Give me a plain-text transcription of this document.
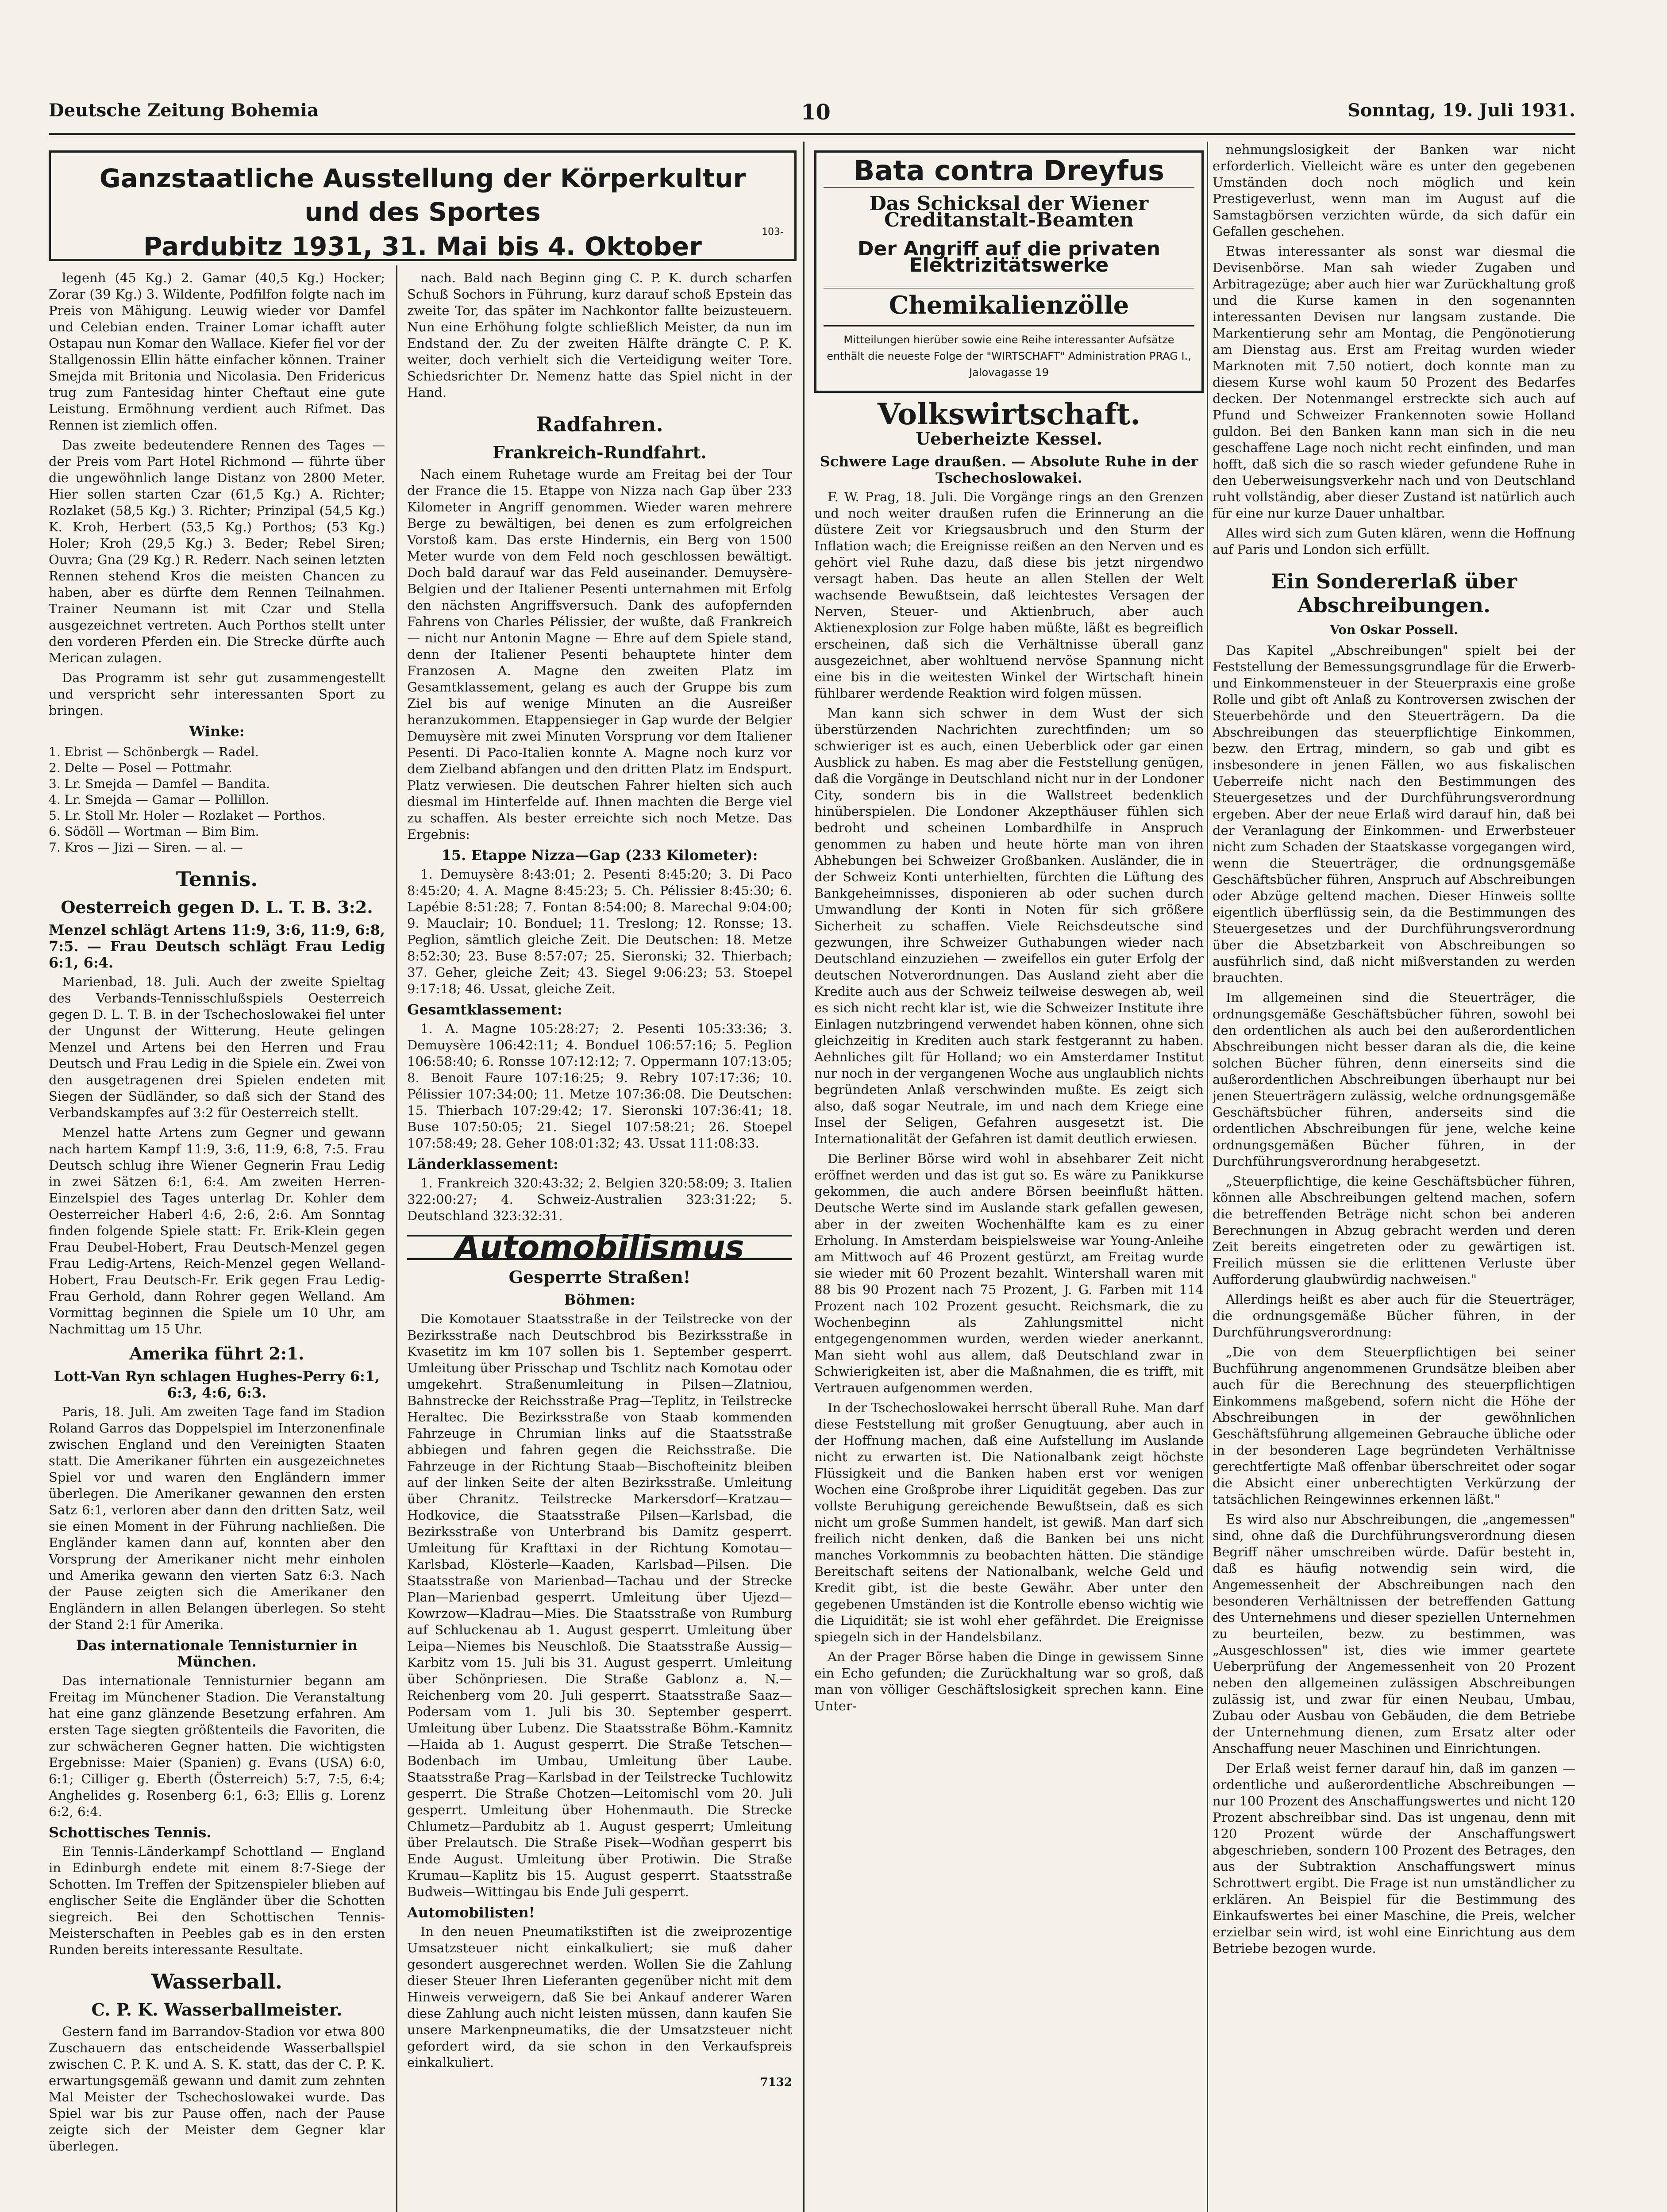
Deutsche Zeitung Bohemia	10	Sonntag, 19. Juli 1931.
Ganzstaatliche Ausstellung der Körperkultur
und des Sportes
Pardubitz 1931, 31. Mai bis 4. Oktober	103-

legenh (45 Kg.) 2. Gamar (40,5 Kg.) Hocker; Zorar (39 Kg.) 3. Wildente, Podfilfon folgte nach im Preis von Mähigung. Leuwig wieder vor Damfel und Celebian enden. Trainer Lomar ichafft auter Ostapau nun Komar den Wallace. Kiefer fiel vor der Stallgenossin Ellin hätte einfacher können. Trainer Smejda mit Britonia und Nicolasia. Den Fridericus trug zum Fantesidag hinter Cheftaut eine gute Leistung. Ermöhnung verdient auch Rifmet. Das Rennen ist ziemlich offen.

Das zweite bedeutendere Rennen des Tages — der Preis vom Part Hotel Richmond — führte über die ungewöhnlich lange Distanz von 2800 Meter. Hier sollen starten Czar (61,5 Kg.) A. Richter; Rozlaket (58,5 Kg.) 3. Richter; Prinzipal (54,5 Kg.) K. Kroh, Herbert (53,5 Kg.) Porthos; (53 Kg.) Holer; Kroh (29,5 Kg.) 3. Beder; Rebel Siren; Ouvra; Gna (29 Kg.) R. Rederr. Nach seinen letzten Rennen stehend Kros die meisten Chancen zu haben, aber es dürfte dem Rennen Teilnahmen. Trainer Neumann ist mit Czar und Stella ausgezeichnet vertreten. Auch Porthos stellt unter den vorderen Pferden ein. Die Strecke dürfte auch Merican zulagen.

Das Programm ist sehr gut zusammengestellt und verspricht sehr interessanten Sport zu bringen.

Winke:
1. Ebrist — Schönbergk — Radel.
2. Delte — Posel — Pottmahr.
3. Lr. Smejda — Damfel — Bandita.
4. Lr. Smejda — Gamar — Pollillon.
5. Lr. Stoll Mr. Holer — Rozlaket — Porthos.
6. Södöll — Wortman — Bim Bim.
7. Kros — Jizi — Siren. — al. —
Tennis.
Oesterreich gegen D. L. T. B. 3:2.
Menzel schlägt Artens 11:9, 3:6, 11:9, 6:8, 7:5. — Frau Deutsch schlägt Frau Ledig 6:1, 6:4.

Marienbad, 18. Juli. Auch der zweite Spieltag des Verbands-Tennisschlußspiels Oesterreich gegen D. L. T. B. in der Tschechoslowakei fiel unter der Ungunst der Witterung. Heute gelingen Menzel und Artens bei den Herren und Frau Deutsch und Frau Ledig in die Spiele ein. Zwei von den ausgetragenen drei Spielen endeten mit Siegen der Südländer, so daß sich der Stand des Verbandskampfes auf 3:2 für Oesterreich stellt.

Menzel hatte Artens zum Gegner und gewann nach hartem Kampf 11:9, 3:6, 11:9, 6:8, 7:5. Frau Deutsch schlug ihre Wiener Gegnerin Frau Ledig in zwei Sätzen 6:1, 6:4. Am zweiten Herren-Einzelspiel des Tages unterlag Dr. Kohler dem Oesterreicher Haberl 4:6, 2:6, 2:6. Am Sonntag finden folgende Spiele statt: Fr. Erik-Klein gegen Frau Deubel-Hobert, Frau Deutsch-Menzel gegen Frau Ledig-Artens, Reich-Menzel gegen Welland-Hobert, Frau Deutsch-Fr. Erik gegen Frau Ledig-Frau Gerhold, dann Rohrer gegen Welland. Am Vormittag beginnen die Spiele um 10 Uhr, am Nachmittag um 15 Uhr.

Amerika führt 2:1.
Lott-Van Ryn schlagen Hughes-Perry 6:1, 6:3, 4:6, 6:3.

Paris, 18. Juli. Am zweiten Tage fand im Stadion Roland Garros das Doppelspiel im Interzonenfinale zwischen England und den Vereinigten Staaten statt. Die Amerikaner führten ein ausgezeichnetes Spiel vor und waren den Engländern immer überlegen. Die Amerikaner gewannen den ersten Satz 6:1, verloren aber dann den dritten Satz, weil sie einen Moment in der Führung nachließen. Die Engländer kamen dann auf, konnten aber den Vorsprung der Amerikaner nicht mehr einholen und Amerika gewann den vierten Satz 6:3. Nach der Pause zeigten sich die Amerikaner den Engländern in allen Belangen überlegen. So steht der Stand 2:1 für Amerika.

Das internationale Tennisturnier in München.

Das internationale Tennisturnier begann am Freitag im Münchener Stadion. Die Veranstaltung hat eine ganz glänzende Besetzung erfahren. Am ersten Tage siegten größtenteils die Favoriten, die zur schwächeren Gegner hatten. Die wichtigsten Ergebnisse: Maier (Spanien) g. Evans (USA) 6:0, 6:1; Cilliger g. Eberth (Österreich) 5:7, 7:5, 6:4; Anghelides g. Rosenberg 6:1, 6:3; Ellis g. Lorenz 6:2, 6:4.

Schottisches Tennis.

Ein Tennis-Länderkampf Schottland — England in Edinburgh endete mit einem 8:7-Siege der Schotten. Im Treffen der Spitzenspieler blieben auf englischer Seite die Engländer über die Schotten siegreich. Bei den Schottischen Tennis-Meisterschaften in Peebles gab es in den ersten Runden bereits interessante Resultate.

Wasserball.
C. P. K. Wasserballmeister.

Gestern fand im Barrandov-Stadion vor etwa 800 Zuschauern das entscheidende Wasserballspiel zwischen C. P. K. und A. S. K. statt, das der C. P. K. erwartungsgemäß gewann und damit zum zehnten Mal Meister der Tschechoslowakei wurde. Das Spiel war bis zur Pause offen, nach der Pause zeigte sich der Meister dem Gegner klar überlegen.

nach. Bald nach Beginn ging C. P. K. durch scharfen Schuß Sochors in Führung, kurz darauf schoß Epstein das zweite Tor, das später im Nachkontor fallte beizusteuern. Nun eine Erhöhung folgte schließlich Meister, da nun im Endstand der. Zu der zweiten Hälfte drängte C. P. K. weiter, doch verhielt sich die Verteidigung weiter Tore. Schiedsrichter Dr. Nemenz hatte das Spiel nicht in der Hand.

Radfahren.
Frankreich-Rundfahrt.

Nach einem Ruhetage wurde am Freitag bei der Tour der France die 15. Etappe von Nizza nach Gap über 233 Kilometer in Angriff genommen. Wieder waren mehrere Berge zu bewältigen, bei denen es zum erfolgreichen Vorstoß kam. Das erste Hindernis, ein Berg von 1500 Meter wurde von dem Feld noch geschlossen bewältigt. Doch bald darauf war das Feld auseinander. Demuysère-Belgien und der Italiener Pesenti unternahmen mit Erfolg den nächsten Angriffsversuch. Dank des aufopfernden Fahrens von Charles Pélissier, der wußte, daß Frankreich — nicht nur Antonin Magne — Ehre auf dem Spiele stand, denn der Italiener Pesenti behauptete hinter dem Franzosen A. Magne den zweiten Platz im Gesamtklassement, gelang es auch der Gruppe bis zum Ziel bis auf wenige Minuten an die Ausreißer heranzukommen. Etappensieger in Gap wurde der Belgier Demuysère mit zwei Minuten Vorsprung vor dem Italiener Pesenti. Di Paco-Italien konnte A. Magne noch kurz vor dem Zielband abfangen und den dritten Platz im Endspurt. Platz verwiesen. Die deutschen Fahrer hielten sich auch diesmal im Hinterfelde auf. Ihnen machten die Berge viel zu schaffen. Als bester erreichte sich noch Metze. Das Ergebnis:

15. Etappe Nizza—Gap (233 Kilometer):

1. Demuysère 8:43:01; 2. Pesenti 8:45:20; 3. Di Paco 8:45:20; 4. A. Magne 8:45:23; 5. Ch. Pélissier 8:45:30; 6. Lapébie 8:51:28; 7. Fontan 8:54:00; 8. Marechal 9:04:00; 9. Mauclair; 10. Bonduel; 11. Treslong; 12. Ronsse; 13. Peglion, sämtlich gleiche Zeit. Die Deutschen: 18. Metze 8:52:30; 23. Buse 8:57:07; 25. Sieronski; 32. Thierbach; 37. Geher, gleiche Zeit; 43. Siegel 9:06:23; 53. Stoepel 9:17:18; 46. Ussat, gleiche Zeit.

Gesamtklassement:

1. A. Magne 105:28:27; 2. Pesenti 105:33:36; 3. Demuysère 106:42:11; 4. Bonduel 106:57:16; 5. Peglion 106:58:40; 6. Ronsse 107:12:12; 7. Oppermann 107:13:05; 8. Benoit Faure 107:16:25; 9. Rebry 107:17:36; 10. Pélissier 107:34:00; 11. Metze 107:36:08. Die Deutschen: 15. Thierbach 107:29:42; 17. Sieronski 107:36:41; 18. Buse 107:50:05; 21. Siegel 107:58:21; 26. Stoepel 107:58:49; 28. Geher 108:01:32; 43. Ussat 111:08:33.

Länderklassement:

1. Frankreich 320:43:32; 2. Belgien 320:58:09; 3. Italien 322:00:27; 4. Schweiz-Australien 323:31:22; 5. Deutschland 323:32:31.

Automobilismus
Gesperrte Straßen!
Böhmen:

Die Komotauer Staatsstraße in der Teilstrecke von der Bezirksstraße nach Deutschbrod bis Bezirksstraße in Kvasetitz im km 107 sollen bis 1. September gesperrt. Umleitung über Prisschap und Tschlitz nach Komotau oder umgekehrt. Straßenumleitung in Pilsen—Zlatniou, Bahnstrecke der Reichsstraße Prag—Teplitz, in Teilstrecke Heraltec. Die Bezirksstraße von Staab kommenden Fahrzeuge in Chrumian links auf die Staatsstraße abbiegen und fahren gegen die Reichsstraße. Die Fahrzeuge in der Richtung Staab—Bischofteinitz bleiben auf der linken Seite der alten Bezirksstraße. Umleitung über Chranitz. Teilstrecke Markersdorf—Kratzau—Hodkovice, die Staatsstraße Pilsen—Karlsbad, die Bezirksstraße von Unterbrand bis Damitz gesperrt. Umleitung für Krafttaxi in der Richtung Komotau—Karlsbad, Klösterle—Kaaden, Karlsbad—Pilsen. Die Staatsstraße von Marienbad—Tachau und der Strecke Plan—Marienbad gesperrt. Umleitung über Ujezd—Kowrzow—Kladrau—Mies. Die Staatsstraße von Rumburg auf Schluckenau ab 1. August gesperrt. Umleitung über Leipa—Niemes bis Neuschloß. Die Staatsstraße Aussig—Karbitz vom 15. Juli bis 31. August gesperrt. Umleitung über Schönpriesen. Die Straße Gablonz a. N.—Reichenberg vom 20. Juli gesperrt. Staatsstraße Saaz—Podersam vom 1. Juli bis 30. September gesperrt. Umleitung über Lubenz. Die Staatsstraße Böhm.-Kamnitz—Haida ab 1. August gesperrt. Die Straße Tetschen—Bodenbach im Umbau, Umleitung über Laube. Staatsstraße Prag—Karlsbad in der Teilstrecke Tuchlowitz gesperrt. Die Straße Chotzen—Leitomischl vom 20. Juli gesperrt. Umleitung über Hohenmauth. Die Strecke Chlumetz—Pardubitz ab 1. August gesperrt; Umleitung über Prelautsch. Die Straße Pisek—Wodňan gesperrt bis Ende August. Umleitung über Protiwin. Die Straße Krumau—Kaplitz bis 15. August gesperrt. Staatsstraße Budweis—Wittingau bis Ende Juli gesperrt.

Automobilisten!

In den neuen Pneumatikstiften ist die zweiprozentige Umsatzsteuer nicht einkalkuliert; sie muß daher gesondert ausgerechnet werden. Wollen Sie die Zahlung dieser Steuer Ihren Lieferanten gegenüber nicht mit dem Hinweis verweigern, daß Sie bei Ankauf anderer Waren diese Zahlung auch nicht leisten müssen, dann kaufen Sie unsere Markenpneumatiks, die der Umsatzsteuer nicht gefordert wird, da sie schon in den Verkaufspreis einkalkuliert.

7132
Bata contra Dreyfus
Das Schicksal der Wiener
Creditanstalt-Beamten
Der Angriff auf die privaten
Elektrizitätswerke
Chemikalienzölle
Mitteilungen hierüber sowie eine Reihe interessanter Aufsätze enthält die neueste Folge der "WIRTSCHAFT" Administration PRAG I., Jalovagasse 19
Volkswirtschaft.
Ueberheizte Kessel.
Schwere Lage draußen. — Absolute Ruhe in der Tschechoslowakei.

F. W. Prag, 18. Juli. Die Vorgänge rings an den Grenzen und noch weiter draußen rufen die Erinnerung an die düstere Zeit vor Kriegsausbruch und den Sturm der Inflation wach; die Ereignisse reißen an den Nerven und es gehört viel Ruhe dazu, daß diese bis jetzt nirgendwo versagt haben. Das heute an allen Stellen der Welt wachsende Bewußtsein, daß leichtestes Versagen der Nerven, Steuer- und Aktienbruch, aber auch Aktienexplosion zur Folge haben müßte, läßt es begreiflich erscheinen, daß sich die Verhältnisse überall ganz ausgezeichnet, aber wohltuend nervöse Spannung nicht eine bis in die weitesten Winkel der Wirtschaft hinein fühlbarer werdende Reaktion wird folgen müssen.

Man kann sich schwer in dem Wust der sich überstürzenden Nachrichten zurechtfinden; um so schwieriger ist es auch, einen Ueberblick oder gar einen Ausblick zu haben. Es mag aber die Feststellung genügen, daß die Vorgänge in Deutschland nicht nur in der Londoner City, sondern bis in die Wallstreet bedenklich hinüberspielen. Die Londoner Akzepthäuser fühlen sich bedroht und scheinen Lombardhilfe in Anspruch genommen zu haben und heute hörte man von ihren Abhebungen bei Schweizer Großbanken. Ausländer, die in der Schweiz Konti unterhielten, fürchten die Lüftung des Bankgeheimnisses, disponieren ab oder suchen durch Umwandlung der Konti in Noten für sich größere Sicherheit zu schaffen. Viele Reichsdeutsche sind gezwungen, ihre Schweizer Guthabungen wieder nach Deutschland einzuziehen — zweifellos ein guter Erfolg der deutschen Notverordnungen. Das Ausland zieht aber die Kredite auch aus der Schweiz teilweise deswegen ab, weil es sich nicht recht klar ist, wie die Schweizer Institute ihre Einlagen nutzbringend verwendet haben können, ohne sich gleichzeitig in Krediten auch stark festgerannt zu haben. Aehnliches gilt für Holland; wo ein Amsterdamer Institut nur noch in der vergangenen Woche aus unglaublich nichts begründeten Anlaß verschwinden mußte. Es zeigt sich also, daß sogar Neutrale, im und nach dem Kriege eine Insel der Seligen, Gefahren ausgesetzt ist. Die Internationalität der Gefahren ist damit deutlich erwiesen.

Die Berliner Börse wird wohl in absehbarer Zeit nicht eröffnet werden und das ist gut so. Es wäre zu Panikkurse gekommen, die auch andere Börsen beeinflußt hätten. Deutsche Werte sind im Auslande stark gefallen gewesen, aber in der zweiten Wochenhälfte kam es zu einer Erholung. In Amsterdam beispielsweise war Young-Anleihe am Mittwoch auf 46 Prozent gestürzt, am Freitag wurde sie wieder mit 60 Prozent bezahlt. Wintershall waren mit 88 bis 90 Prozent nach 75 Prozent, J. G. Farben mit 114 Prozent nach 102 Prozent gesucht. Reichsmark, die zu Wochenbeginn als Zahlungsmittel nicht entgegengenommen wurden, werden wieder anerkannt. Man sieht wohl aus allem, daß Deutschland zwar in Schwierigkeiten ist, aber die Maßnahmen, die es trifft, mit Vertrauen aufgenommen werden.

In der Tschechoslowakei herrscht überall Ruhe. Man darf diese Feststellung mit großer Genugtuung, aber auch in der Hoffnung machen, daß eine Aufstellung im Auslande nicht zu erwarten ist. Die Nationalbank zeigt höchste Flüssigkeit und die Banken haben erst vor wenigen Wochen eine Großprobe ihrer Liquidität gegeben. Das zur vollste Beruhigung gereichende Bewußtsein, daß es sich nicht um große Summen handelt, ist gewiß. Man darf sich freilich nicht denken, daß die Banken bei uns nicht manches Vorkommnis zu beobachten hätten. Die ständige Bereitschaft seitens der Nationalbank, welche Geld und Kredit gibt, ist die beste Gewähr. Aber unter den gegebenen Umständen ist die Kontrolle ebenso wichtig wie die Liquidität; sie ist wohl eher gefährdet. Die Ereignisse spiegeln sich in der Handelsbilanz.

An der Prager Börse haben die Dinge in gewissem Sinne ein Echo gefunden; die Zurückhaltung war so groß, daß man von völliger Geschäftslosigkeit sprechen kann. Eine Unter-

nehmungslosigkeit der Banken war nicht erforderlich. Vielleicht wäre es unter den gegebenen Umständen doch noch möglich und kein Prestigeverlust, wenn man im August auf die Samstagbörsen verzichten würde, da sich dafür ein Gefallen geschehen.

Etwas interessanter als sonst war diesmal die Devisenbörse. Man sah wieder Zugaben und Arbitragezüge; aber auch hier war Zurückhaltung groß und die Kurse kamen in den sogenannten interessanten Devisen nur langsam zustande. Die Markentierung sehr am Montag, die Pengönotierung am Dienstag aus. Erst am Freitag wurden wieder Marknoten mit 7.50 notiert, doch konnte man zu diesem Kurse wohl kaum 50 Prozent des Bedarfes decken. Der Notenmangel erstreckte sich auch auf Pfund und Schweizer Frankennoten sowie Holland guldon. Bei den Banken kann man sich in die neu geschaffene Lage noch nicht recht einfinden, und man hofft, daß sich die so rasch wieder gefundene Ruhe in den Ueberweisungsverkehr nach und von Deutschland ruht vollständig, aber dieser Zustand ist natürlich auch für eine nur kurze Dauer unhaltbar.

Alles wird sich zum Guten klären, wenn die Hoffnung auf Paris und London sich erfüllt.

Ein Sondererlaß über Abschreibungen.
Von Oskar Possell.

Das Kapitel „Abschreibungen" spielt bei der Feststellung der Bemessungsgrundlage für die Erwerb- und Einkommensteuer in der Steuerpraxis eine große Rolle und gibt oft Anlaß zu Kontroversen zwischen der Steuerbehörde und den Steuerträgern. Da die Abschreibungen das steuerpflichtige Einkommen, bezw. den Ertrag, mindern, so gab und gibt es insbesondere in jenen Fällen, wo aus fiskalischen Ueberreife nicht nach den Bestimmungen des Steuergesetzes und der Durchführungsverordnung ergeben. Aber der neue Erlaß wird darauf hin, daß bei der Veranlagung der Einkommen- und Erwerbsteuer nicht zum Schaden der Staatskasse vorgegangen wird, wenn die Steuerträger, die ordnungsgemäße Geschäftsbücher führen, Anspruch auf Abschreibungen oder Abzüge geltend machen. Dieser Hinweis sollte eigentlich überflüssig sein, da die Bestimmungen des Steuergesetzes und der Durchführungsverordnung über die Absetzbarkeit von Abschreibungen so ausführlich sind, daß nicht mißverstanden zu werden brauchten.

Im allgemeinen sind die Steuerträger, die ordnungsgemäße Geschäftsbücher führen, sowohl bei den ordentlichen als auch bei den außerordentlichen Abschreibungen nicht besser daran als die, die keine solchen Bücher führen, denn einerseits sind die außerordentlichen Abschreibungen überhaupt nur bei jenen Steuerträgern zulässig, welche ordnungsgemäße Geschäftsbücher führen, anderseits sind die ordentlichen Abschreibungen für jene, welche keine ordnungsgemäßen Bücher führen, in der Durchführungsverordnung herabgesetzt.

„Steuerpflichtige, die keine Geschäftsbücher führen, können alle Abschreibungen geltend machen, sofern die betreffenden Beträge nicht schon bei anderen Berechnungen in Abzug gebracht werden und deren Zeit bereits eingetreten oder zu gewärtigen ist. Freilich müssen sie die erlittenen Verluste über Aufforderung glaubwürdig nachweisen."

Allerdings heißt es aber auch für die Steuerträger, die ordnungsgemäße Bücher führen, in der Durchführungsverordnung:

„Die von dem Steuerpflichtigen bei seiner Buchführung angenommenen Grundsätze bleiben aber auch für die Berechnung des steuerpflichtigen Einkommens maßgebend, sofern nicht die Höhe der Abschreibungen in der gewöhnlichen Geschäftsführung allgemeinen Gebrauche übliche oder in der besonderen Lage begründeten Verhältnisse gerechtfertigte Maß offenbar überschreitet oder sogar die Absicht einer unberechtigten Verkürzung der tatsächlichen Reingewinnes erkennen läßt."

Es wird also nur Abschreibungen, die „angemessen" sind, ohne daß die Durchführungsverordnung diesen Begriff näher umschreiben würde. Dafür besteht in, daß es häufig notwendig sein wird, die Angemessenheit der Abschreibungen nach den besonderen Verhältnissen der betreffenden Gattung des Unternehmens und dieser speziellen Unternehmen zu beurteilen, bezw. zu bestimmen, was „Ausgeschlossen" ist, dies wie immer geartete Ueberprüfung der Angemessenheit von 20 Prozent neben den allgemeinen zulässigen Abschreibungen zulässig ist, und zwar für einen Neubau, Umbau, Zubau oder Ausbau von Gebäuden, die dem Betriebe der Unternehmung dienen, zum Ersatz alter oder Anschaffung neuer Maschinen und Einrichtungen.

Der Erlaß weist ferner darauf hin, daß im ganzen — ordentliche und außerordentliche Abschreibungen — nur 100 Prozent des Anschaffungswertes und nicht 120 Prozent abschreibbar sind. Das ist ungenau, denn mit 120 Prozent würde der Anschaffungswert abgeschrieben, sondern 100 Prozent des Betrages, den aus der Subtraktion Anschaffungswert minus Schrottwert ergibt. Die Frage ist nun umständlicher zu erklären. An Beispiel für die Bestimmung des Einkaufswertes bei einer Maschine, die Preis, welcher erzielbar sein wird, ist wohl eine Einrichtung aus dem Betriebe bezogen wurde.
